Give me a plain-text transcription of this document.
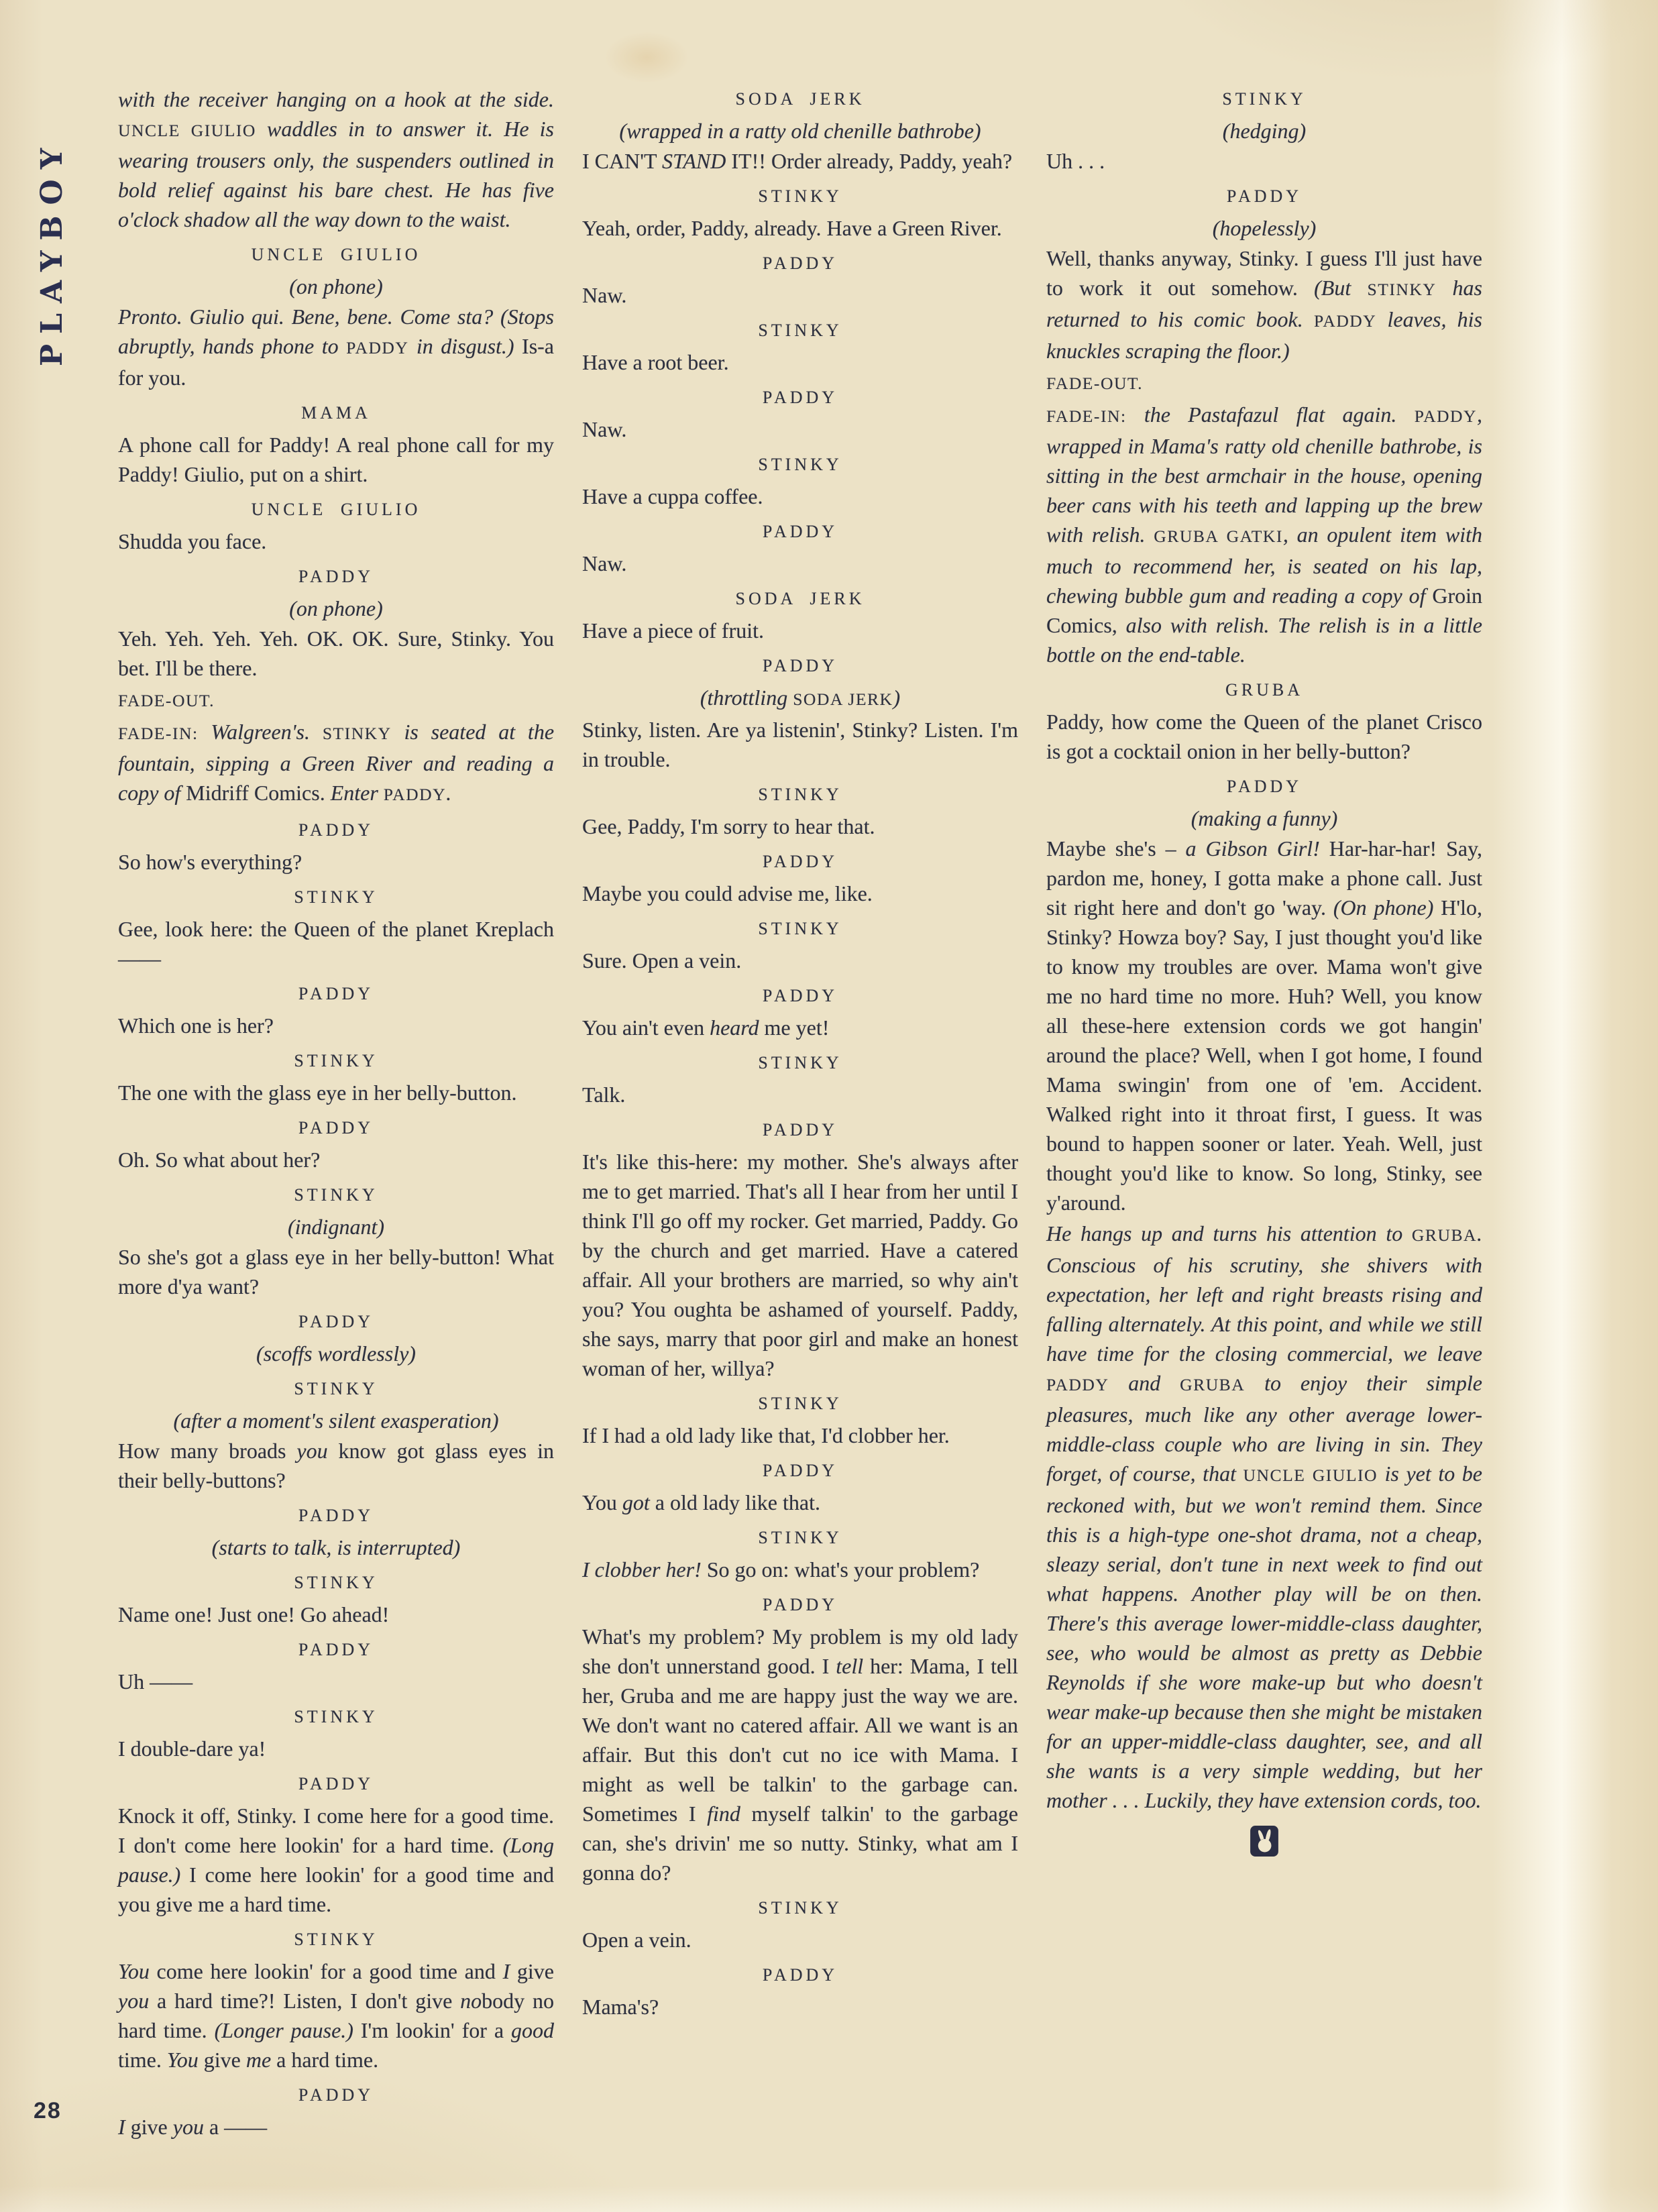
PLAYBOY
with the receiver hanging on a hook at the side. UNCLE GIULIO waddles in to answer it. He is wearing trousers only, the suspenders outlined in bold relief against his bare chest. He has five o'clock shadow all the way down to the waist.
UNCLE GIULIO
(on phone)
Pronto. Giulio qui. Bene, bene. Come sta? (Stops abruptly, hands phone to PADDY in disgust.) Is-a for you.
MAMA
A phone call for Paddy! A real phone call for my Paddy! Giulio, put on a shirt.
UNCLE GIULIO
Shudda you face.
PADDY
(on phone)
Yeh. Yeh. Yeh. Yeh. OK. OK. Sure, Stinky. You bet. I'll be there.
FADE-OUT.
FADE-IN: Walgreen's. STINKY is seated at the fountain, sipping a Green River and reading a copy of Midriff Comics. Enter PADDY.
PADDY
So how's everything?
STINKY
Gee, look here: the Queen of the planet Kreplach ——
PADDY
Which one is her?
STINKY
The one with the glass eye in her belly-button.
PADDY
Oh. So what about her?
STINKY
(indignant)
So she's got a glass eye in her belly-button! What more d'ya want?
PADDY
(scoffs wordlessly)
STINKY
(after a moment's silent exasperation)
How many broads you know got glass eyes in their belly-buttons?
PADDY
(starts to talk, is interrupted)
STINKY
Name one! Just one! Go ahead!
PADDY
Uh ——
STINKY
I double-dare ya!
PADDY
Knock it off, Stinky. I come here for a good time. I don't come here lookin' for a hard time. (Long pause.) I come here lookin' for a good time and you give me a hard time.
STINKY
You come here lookin' for a good time and I give you a hard time?! Listen, I don't give nobody no hard time. (Longer pause.) I'm lookin' for a good time. You give me a hard time.
PADDY
I give you a ——
SODA JERK
(wrapped in a ratty old chenille bathrobe)
I CAN'T STAND IT!! Order already, Paddy, yeah?
STINKY
Yeah, order, Paddy, already. Have a Green River.
PADDY
Naw.
STINKY
Have a root beer.
PADDY
Naw.
STINKY
Have a cuppa coffee.
PADDY
Naw.
SODA JERK
Have a piece of fruit.
PADDY
(throttling SODA JERK)
Stinky, listen. Are ya listenin', Stinky? Listen. I'm in trouble.
STINKY
Gee, Paddy, I'm sorry to hear that.
PADDY
Maybe you could advise me, like.
STINKY
Sure. Open a vein.
PADDY
You ain't even heard me yet!
STINKY
Talk.
PADDY
It's like this-here: my mother. She's always after me to get married. That's all I hear from her until I think I'll go off my rocker. Get married, Paddy. Go by the church and get married. Have a catered affair. All your brothers are married, so why ain't you? You oughta be ashamed of yourself. Paddy, she says, marry that poor girl and make an honest woman of her, willya?
STINKY
If I had a old lady like that, I'd clobber her.
PADDY
You got a old lady like that.
STINKY
I clobber her! So go on: what's your problem?
PADDY
What's my problem? My problem is my old lady she don't unnerstand good. I tell her: Mama, I tell her, Gruba and me are happy just the way we are. We don't want no catered affair. All we want is an affair. But this don't cut no ice with Mama. I might as well be talkin' to the garbage can. Sometimes I find myself talkin' to the garbage can, she's drivin' me so nutty. Stinky, what am I gonna do?
STINKY
Open a vein.
PADDY
Mama's?
STINKY
(hedging)
Uh . . .
PADDY
(hopelessly)
Well, thanks anyway, Stinky. I guess I'll just have to work it out somehow. (But STINKY has returned to his comic book. PADDY leaves, his knuckles scraping the floor.)
FADE-OUT.
FADE-IN: the Pastafazul flat again. PADDY, wrapped in Mama's ratty old chenille bathrobe, is sitting in the best armchair in the house, opening beer cans with his teeth and lapping up the brew with relish. GRUBA GATKI, an opulent item with much to recommend her, is seated on his lap, chewing bubble gum and reading a copy of Groin Comics, also with relish. The relish is in a little bottle on the end-table.
GRUBA
Paddy, how come the Queen of the planet Crisco is got a cocktail onion in her belly-button?
PADDY
(making a funny)
Maybe she's – a Gibson Girl! Har-har-har! Say, pardon me, honey, I gotta make a phone call. Just sit right here and don't go 'way. (On phone) H'lo, Stinky? Howza boy? Say, I just thought you'd like to know my troubles are over. Mama won't give me no hard time no more. Huh? Well, you know all these-here extension cords we got hangin' around the place? Well, when I got home, I found Mama swingin' from one of 'em. Accident. Walked right into it throat first, I guess. It was bound to happen sooner or later. Yeah. Well, just thought you'd like to know. So long, Stinky, see y'around.
He hangs up and turns his attention to GRUBA. Conscious of his scrutiny, she shivers with expectation, her left and right breasts rising and falling alternately. At this point, and while we still have time for the closing commercial, we leave PADDY and GRUBA to enjoy their simple pleasures, much like any other average lower-middle-class couple who are living in sin. They forget, of course, that UNCLE GIULIO is yet to be reckoned with, but we won't remind them. Since this is a high-type one-shot drama, not a cheap, sleazy serial, don't tune in next week to find out what happens. Another play will be on then. There's this average lower-middle-class daughter, see, who would be almost as pretty as Debbie Reynolds if she wore make-up but who doesn't wear make-up because then she might be mistaken for an upper-middle-class daughter, see, and all she wants is a very simple wedding, but her mother . . . Luckily, they have extension cords, too.
28
